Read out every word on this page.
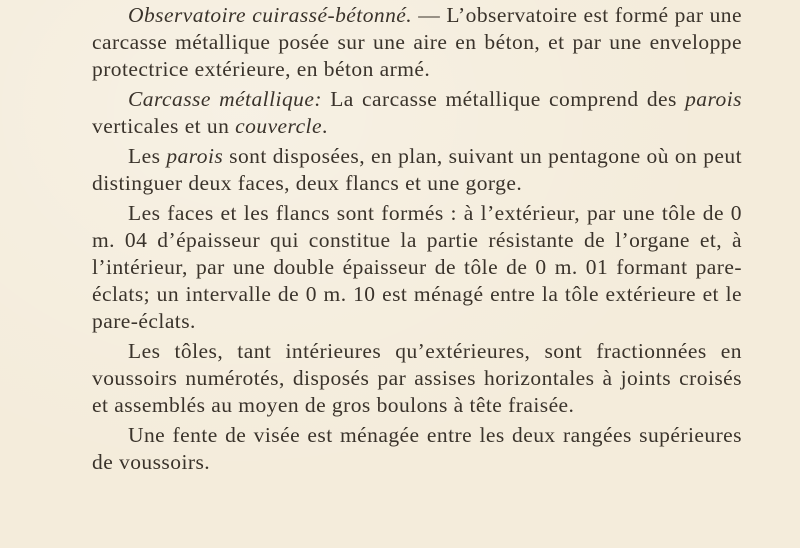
Observatoire cuirassé-bétonné. — L’observatoire est formé par une carcasse métallique posée sur une aire en béton, et par une enveloppe protectrice extérieure, en béton armé.

Carcasse métallique: La carcasse métallique comprend des parois verticales et un couvercle.

Les parois sont disposées, en plan, suivant un pentagone où on peut distinguer deux faces, deux flancs et une gorge.

Les faces et les flancs sont formés : à l’extérieur, par une tôle de 0 m. 04 d’épaisseur qui constitue la partie résistante de l’organe et, à l’intérieur, par une double épaisseur de tôle de 0 m. 01 formant pare-éclats; un intervalle de 0 m. 10 est ménagé entre la tôle extérieure et le pare-éclats.

Les tôles, tant intérieures qu’extérieures, sont fractionnées en voussoirs numérotés, disposés par assises horizontales à joints croisés et assemblés au moyen de gros boulons à tête fraisée.

Une fente de visée est ménagée entre les deux rangées supérieures de voussoirs.
